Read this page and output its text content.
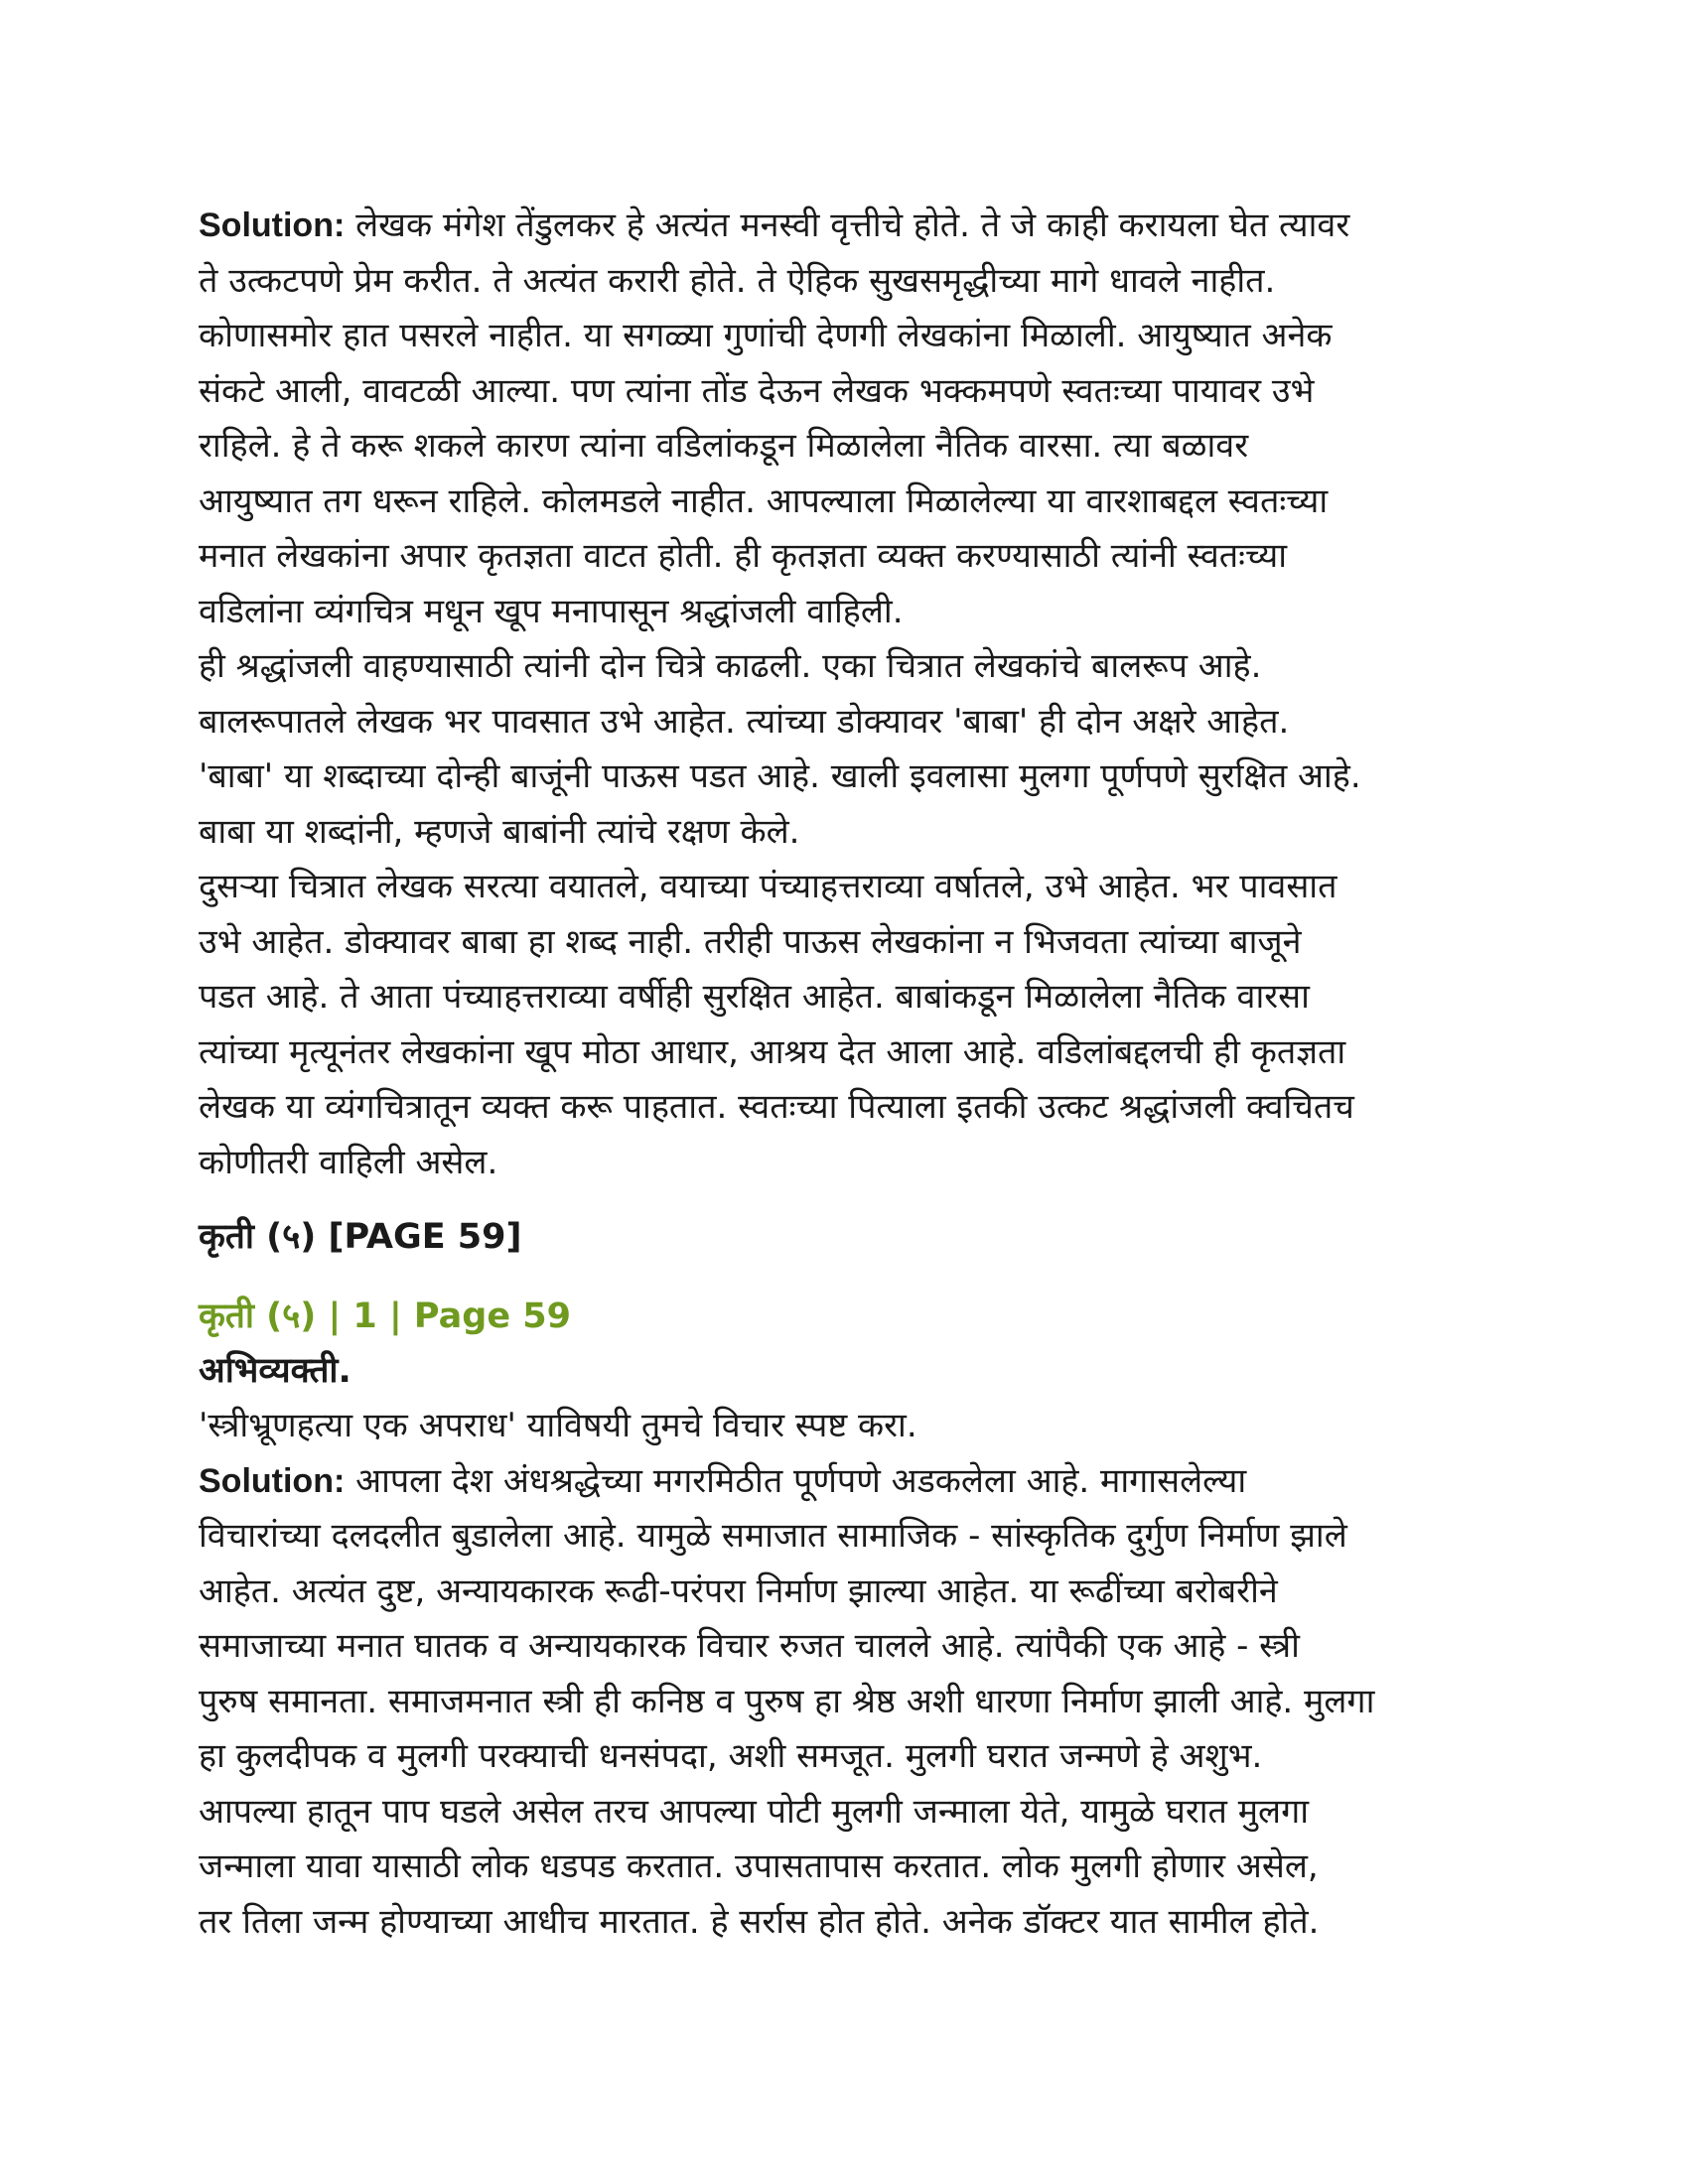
Solution: लेखक मंगेश तेंडुलकर हे अत्यंत मनस्वी वृत्तीचे होते. ते जे काही करायला घेत त्यावर
ते उत्कटपणे प्रेम करीत. ते अत्यंत करारी होते. ते ऐहिक सुखसमृद्धीच्या मागे धावले नाहीत.
कोणासमोर हात पसरले नाहीत. या सगळ्या गुणांची देणगी लेखकांना मिळाली. आयुष्यात अनेक
संकटे आली, वावटळी आल्या. पण त्यांना तोंड देऊन लेखक भक्कमपणे स्वतःच्या पायावर उभे
राहिले. हे ते करू शकले कारण त्यांना वडिलांकडून मिळालेला नैतिक वारसा. त्या बळावर
आयुष्यात तग धरून राहिले. कोलमडले नाहीत. आपल्याला मिळालेल्या या वारशाबद्दल स्वतःच्या
मनात लेखकांना अपार कृतज्ञता वाटत होती. ही कृतज्ञता व्यक्त करण्यासाठी त्यांनी स्वतःच्या
वडिलांना व्यंगचित्र मधून खूप मनापासून श्रद्धांजली वाहिली.
ही श्रद्धांजली वाहण्यासाठी त्यांनी दोन चित्रे काढली. एका चित्रात लेखकांचे बालरूप आहे.
बालरूपातले लेखक भर पावसात उभे आहेत. त्यांच्या डोक्यावर 'बाबा' ही दोन अक्षरे आहेत.
'बाबा' या शब्दाच्या दोन्ही बाजूंनी पाऊस पडत आहे. खाली इवलासा मुलगा पूर्णपणे सुरक्षित आहे.
बाबा या शब्दांनी, म्हणजे बाबांनी त्यांचे रक्षण केले.
दुसऱ्या चित्रात लेखक सरत्या वयातले, वयाच्या पंच्याहत्तराव्या वर्षातले, उभे आहेत. भर पावसात
उभे आहेत. डोक्यावर बाबा हा शब्द नाही. तरीही पाऊस लेखकांना न भिजवता त्यांच्या बाजूने
पडत आहे. ते आता पंच्याहत्तराव्या वर्षीही सुरक्षित आहेत. बाबांकडून मिळालेला नैतिक वारसा
त्यांच्या मृत्यूनंतर लेखकांना खूप मोठा आधार, आश्रय देत आला आहे. वडिलांबद्दलची ही कृतज्ञता
लेखक या व्यंगचित्रातून व्यक्त करू पाहतात. स्वतःच्या पित्याला इतकी उत्कट श्रद्धांजली क्वचितच
कोणीतरी वाहिली असेल.
कृती (५) [PAGE 59]
कृती (५) | 1 | Page 59
अभिव्यक्ती.
'स्त्रीभ्रूणहत्या एक अपराध' याविषयी तुमचे विचार स्पष्ट करा.
Solution: आपला देश अंधश्रद्धेच्या मगरमिठीत पूर्णपणे अडकलेला आहे. मागासलेल्या
विचारांच्या दलदलीत बुडालेला आहे. यामुळे समाजात सामाजिक - सांस्कृतिक दुर्गुण निर्माण झाले
आहेत. अत्यंत दुष्ट, अन्यायकारक रूढी-परंपरा निर्माण झाल्या आहेत. या रूढींच्या बरोबरीने
समाजाच्या मनात घातक व अन्यायकारक विचार रुजत चालले आहे. त्यांपैकी एक आहे - स्त्री
पुरुष समानता. समाजमनात स्त्री ही कनिष्ठ व पुरुष हा श्रेष्ठ अशी धारणा निर्माण झाली आहे. मुलगा
हा कुलदीपक व मुलगी परक्याची धनसंपदा, अशी समजूत. मुलगी घरात जन्मणे हे अशुभ.
आपल्या हातून पाप घडले असेल तरच आपल्या पोटी मुलगी जन्माला येते, यामुळे घरात मुलगा
जन्माला यावा यासाठी लोक धडपड करतात. उपासतापास करतात. लोक मुलगी होणार असेल,
तर तिला जन्म होण्याच्या आधीच मारतात. हे सर्रास होत होते. अनेक डॉक्टर यात सामील होते.
